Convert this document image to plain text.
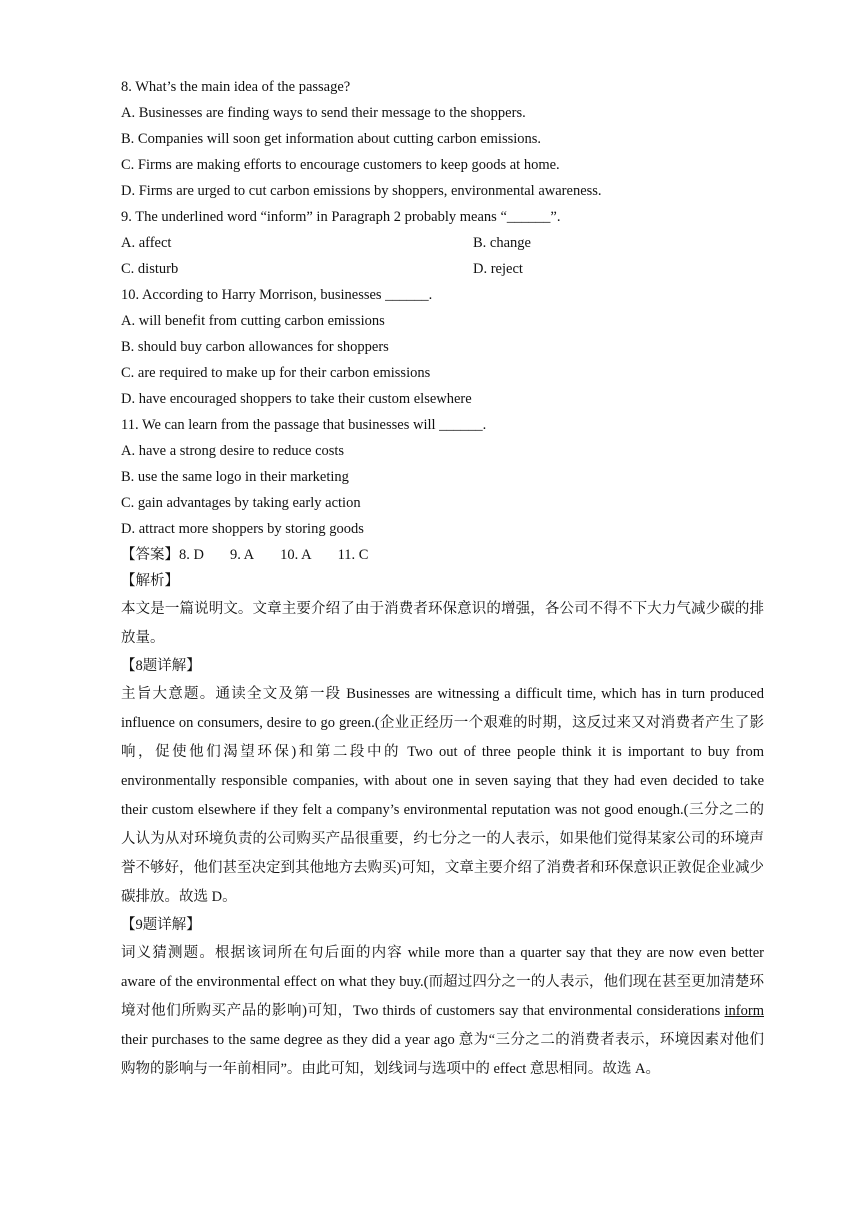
8. What’s the main idea of the passage?
A. Businesses are finding ways to send their message to the shoppers.
B. Companies will soon get information about cutting carbon emissions.
C. Firms are making efforts to encourage customers to keep goods at home.
D. Firms are urged to cut carbon emissions by shoppers, environmental awareness.
9. The underlined word “inform” in Paragraph 2 probably means “______”.
A. affect	B. change
C. disturb	D. reject
10. According to Harry Morrison, businesses ______.
A. will benefit from cutting carbon emissions
B. should buy carbon allowances for shoppers
C. are required to make up for their carbon emissions
D. have encouraged shoppers to take their custom elsewhere
11. We can learn from the passage that businesses will ______.
A. have a strong desire to reduce costs
B. use the same logo in their marketing
C. gain advantages by taking early action
D. attract more shoppers by storing goods
【答案】8. D 9. A 10. A 11. C
【解析】

本文是一篇说明文。文章主要介绍了由于消费者环保意识的增强，各公司不得不下大力气减少碳的排放量。

【8题详解】

主旨大意题。通读全文及第一段 Businesses are witnessing a difficult time, which has in turn produced influence on consumers, desire to go green.(企业正经历一个艰难的时期，这反过来又对消费者产生了影响，促使他们渴望环保)和第二段中的 Two out of three people think it is important to buy from environmentally responsible companies, with about one in seven saying that they had even decided to take their custom elsewhere if they felt a company’s environmental reputation was not good enough.(三分之二的人认为从对环境负责的公司购买产品很重要，约七分之一的人表示，如果他们觉得某家公司的环境声誉不够好，他们甚至决定到其他地方去购买)可知，文章主要介绍了消费者和环保意识正敦促企业减少碳排放。故选 D。

【9题详解】

词义猜测题。根据该词所在句后面的内容 while more than a quarter say that they are now even better aware of the environmental effect on what they buy.(而超过四分之一的人表示，他们现在甚至更加清楚环境对他们所购买产品的影响)可知，Two thirds of customers say that environmental considerations inform their purchases to the same degree as they did a year ago 意为“三分之二的消费者表示，环境因素对他们购物的影响与一年前相同”。由此可知，划线词与选项中的 effect 意思相同。故选 A。
